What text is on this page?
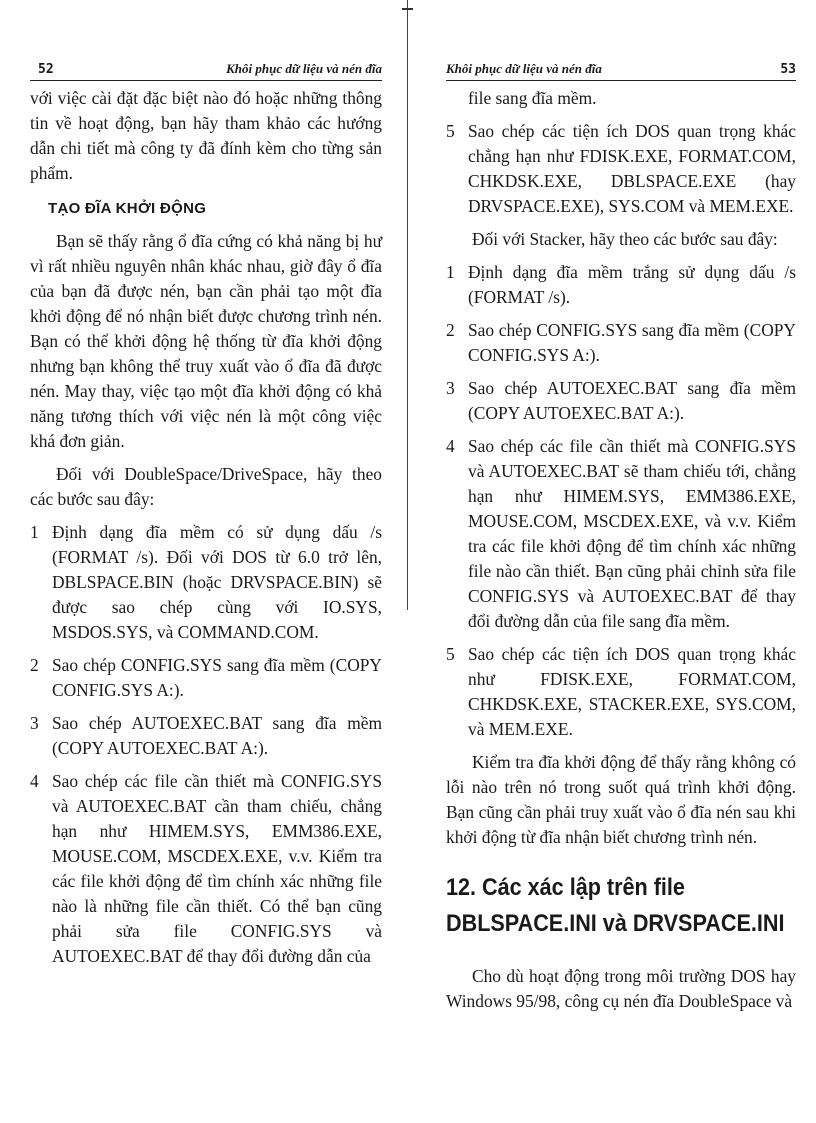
52	Khôi phục dữ liệu và nén đĩa

với việc cài đặt đặc biệt nào đó hoặc những thông tin về hoạt động, bạn hãy tham khảo các hướng dẫn chi tiết mà công ty đã đính kèm cho từng sản phẩm.

TẠO ĐĨA KHỞI ĐỘNG

Bạn sẽ thấy rằng ổ đĩa cứng có khả năng bị hư vì rất nhiều nguyên nhân khác nhau, giờ đây ổ đĩa của bạn đã được nén, bạn cần phải tạo một đĩa khởi động để nó nhận biết được chương trình nén. Bạn có thể khởi động hệ thống từ đĩa khởi động nhưng bạn không thể truy xuất vào ổ đĩa đã được nén. May thay, việc tạo một đĩa khởi động có khả năng tương thích với việc nén là một công việc khá đơn giản.

Đối với DoubleSpace/DriveSpace, hãy theo các bước sau đây:

1 Định dạng đĩa mềm có sử dụng dấu /s (FORMAT /s). Đối với DOS từ 6.0 trở lên, DBLSPACE.BIN (hoặc DRVSPACE.BIN) sẽ được sao chép cùng với IO.SYS, MSDOS.SYS, và COMMAND.COM.
2 Sao chép CONFIG.SYS sang đĩa mềm (COPY CONFIG.SYS A:).
3 Sao chép AUTOEXEC.BAT sang đĩa mềm (COPY AUTOEXEC.BAT A:).
4 Sao chép các file cần thiết mà CONFIG.SYS và AUTOEXEC.BAT cần tham chiếu, chẳng hạn như HIMEM.SYS, EMM386.EXE, MOUSE.COM, MSCDEX.EXE, v.v. Kiểm tra các file khởi động để tìm chính xác những file nào là những file cần thiết. Có thể bạn cũng phải sửa file CONFIG.SYS và AUTOEXEC.BAT để thay đổi đường dẫn của
Khôi phục dữ liệu và nén đĩa	53

file sang đĩa mềm.

5 Sao chép các tiện ích DOS quan trọng khác chẳng hạn như FDISK.EXE, FORMAT.COM, CHKDSK.EXE, DBLSPACE.EXE (hay DRVSPACE.EXE), SYS.COM và MEM.EXE.

Đối với Stacker, hãy theo các bước sau đây:

1 Định dạng đĩa mềm trắng sử dụng dấu /s (FORMAT /s).
2 Sao chép CONFIG.SYS sang đĩa mềm (COPY CONFIG.SYS A:).
3 Sao chép AUTOEXEC.BAT sang đĩa mềm (COPY AUTOEXEC.BAT A:).
4 Sao chép các file cần thiết mà CONFIG.SYS và AUTOEXEC.BAT sẽ tham chiếu tới, chẳng hạn như HIMEM.SYS, EMM386.EXE, MOUSE.COM, MSCDEX.EXE, và v.v. Kiểm tra các file khởi động để tìm chính xác những file nào cần thiết. Bạn cũng phải chỉnh sửa file CONFIG.SYS và AUTOEXEC.BAT để thay đổi đường dẫn của file sang đĩa mềm.
5 Sao chép các tiện ích DOS quan trọng khác như FDISK.EXE, FORMAT.COM, CHKDSK.EXE, STACKER.EXE, SYS.COM, và MEM.EXE.

Kiểm tra đĩa khởi động để thấy rằng không có lỗi nào trên nó trong suốt quá trình khởi động. Bạn cũng cần phải truy xuất vào ổ đĩa nén sau khi khởi động từ đĩa nhận biết chương trình nén.

12. Các xác lập trên file DBLSPACE.INI và DRVSPACE.INI

Cho dù hoạt động trong môi trường DOS hay Windows 95/98, công cụ nén đĩa DoubleSpace và
